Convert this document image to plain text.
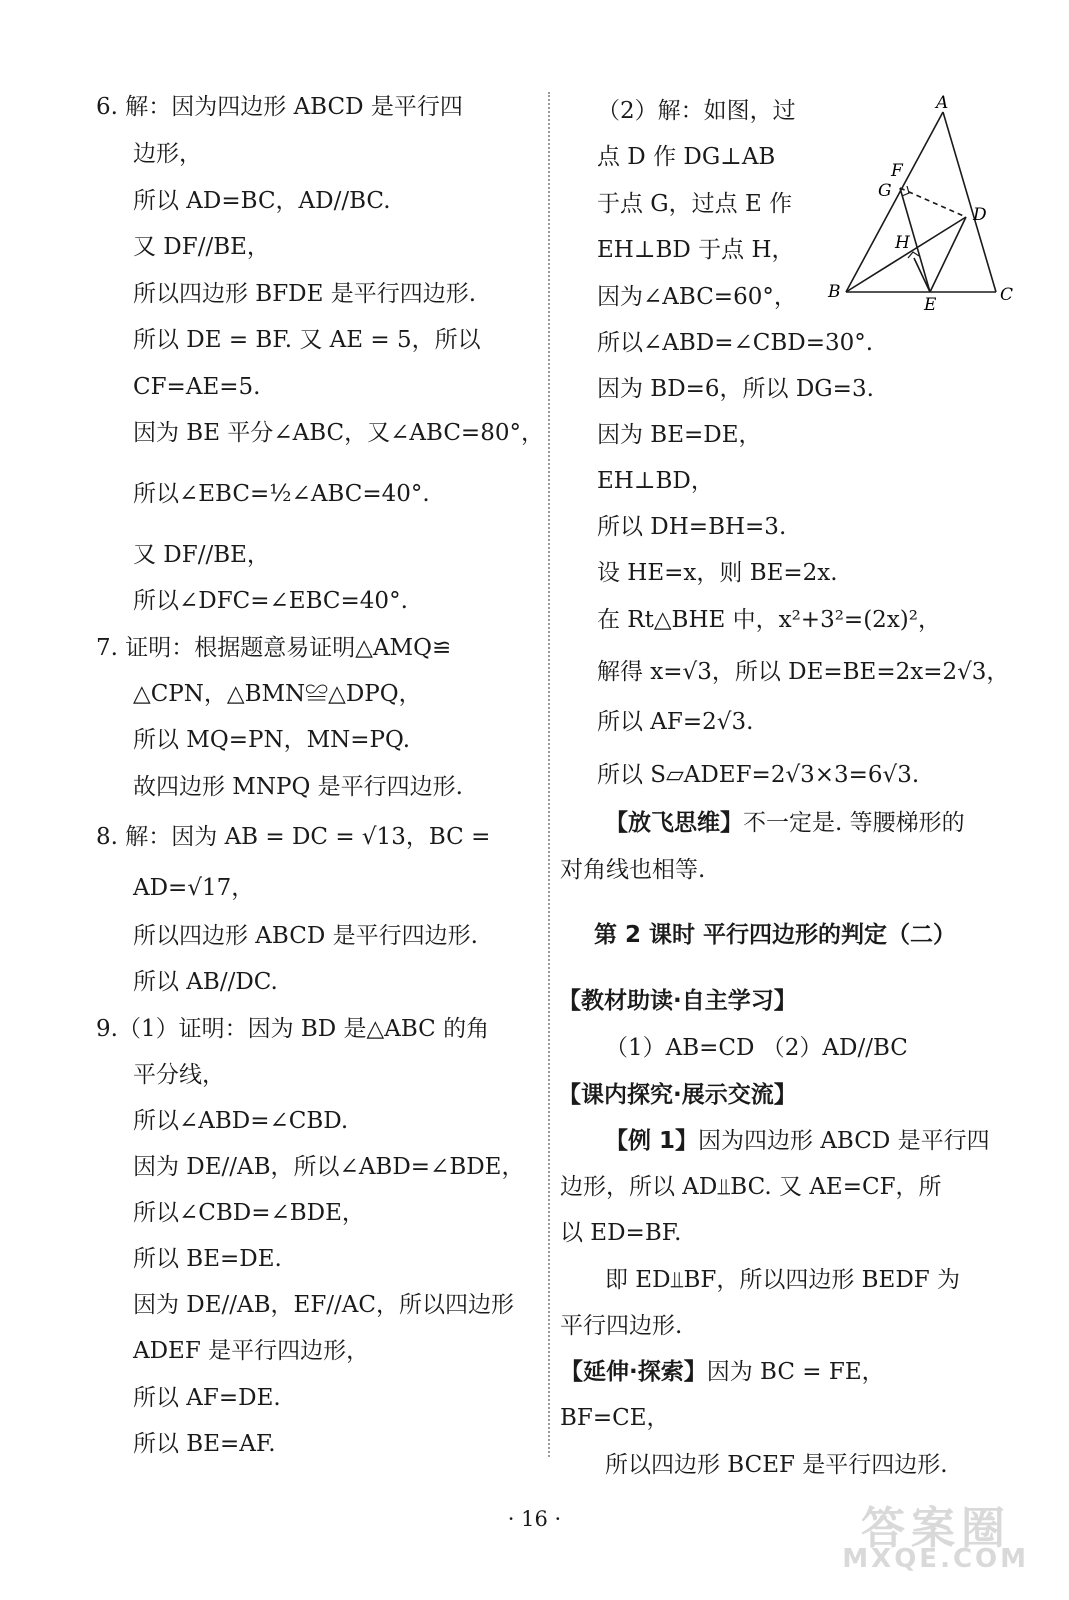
6. 解：因为四边形 ABCD 是平行四
边形，
所以 AD=BC，AD//BC.
又 DF//BE，
所以四边形 BFDE 是平行四边形.
所以 DE = BF. 又 AE = 5，所以
CF=AE=5.
因为 BE 平分∠ABC，又∠ABC=80°，
所以∠EBC=½∠ABC=40°.
又 DF//BE，
所以∠DFC=∠EBC=40°.
7. 证明：根据题意易证明△AMQ≌
△CPN，△BMN≌△DPQ，
所以 MQ=PN，MN=PQ.
故四边形 MNPQ 是平行四边形.
8. 解：因为 AB = DC = √13，BC =
AD=√17，
所以四边形 ABCD 是平行四边形.
所以 AB//DC.
9.（1）证明：因为 BD 是△ABC 的角
平分线，
所以∠ABD=∠CBD.
因为 DE//AB，所以∠ABD=∠BDE，
所以∠CBD=∠BDE，
所以 BE=DE.
因为 DE//AB，EF//AC，所以四边形
ADEF 是平行四边形，
所以 AF=DE.
所以 BE=AF.
（2）解：如图，过
点 D 作 DG⊥AB
于点 G，过点 E 作
EH⊥BD 于点 H，
因为∠ABC=60°，
所以∠ABD=∠CBD=30°.
因为 BD=6，所以 DG=3.
因为 BE=DE，
EH⊥BD，
所以 DH=BH=3.
设 HE=x，则 BE=2x.
在 Rt△BHE 中，x²+3²=(2x)²，
解得 x=√3，所以 DE=BE=2x=2√3，
所以 AF=2√3.
所以 S▱ADEF=2√3×3=6√3.
【放飞思维】不一定是. 等腰梯形的
对角线也相等.
第 2 课时 平行四边形的判定（二）
【教材助读·自主学习】
（1）AB=CD （2）AD//BC
【课内探究·展示交流】
【例 1】因为四边形 ABCD 是平行四
边形，所以 AD⫫BC. 又 AE=CF，所
以 ED=BF.
即 ED⫫BF，所以四边形 BEDF 为
平行四边形.
【延伸·探索】因为 BC = FE，
BF=CE，
所以四边形 BCEF 是平行四边形.
A
B	C
D
E
F
G
H
· 16 ·	答案圈
MXQE.COM
